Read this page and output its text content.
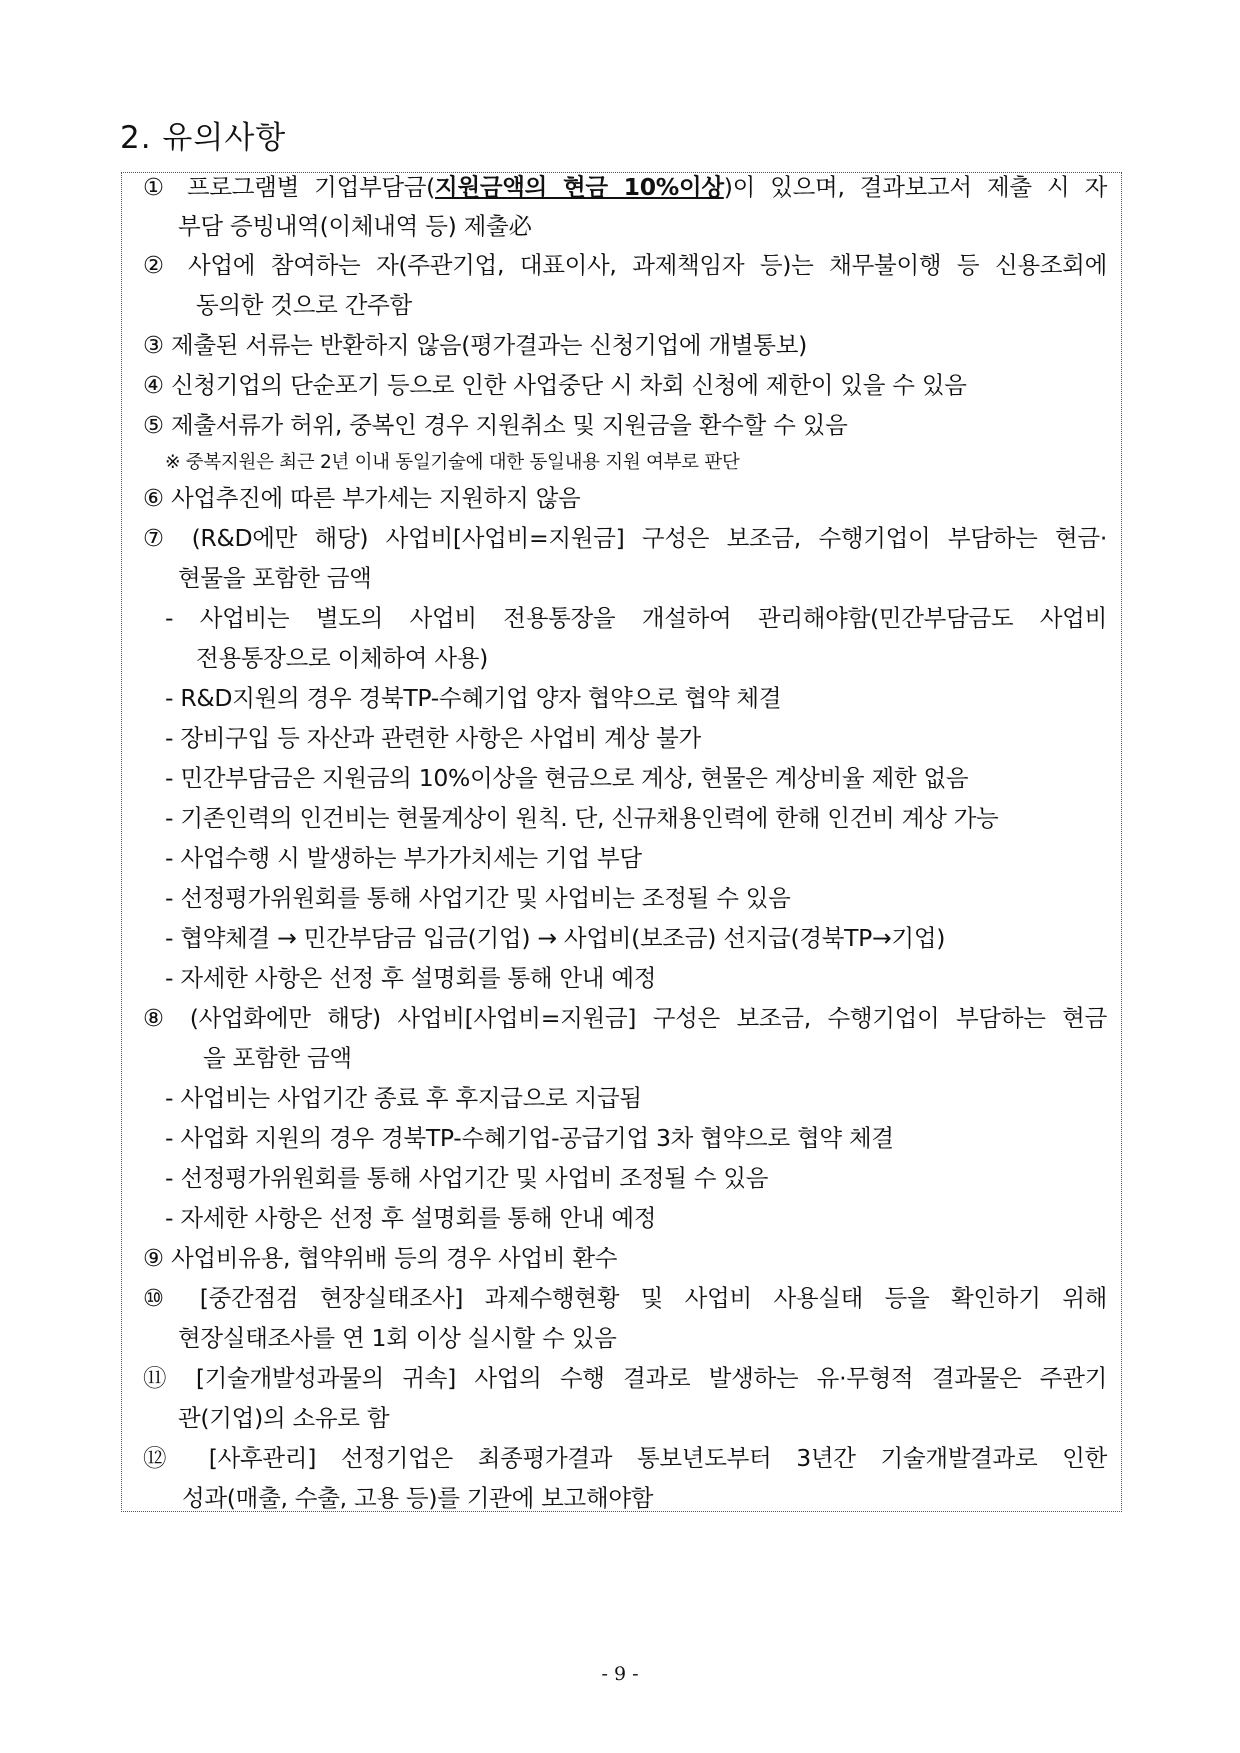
2. 유의사항
① 프로그램별 기업부담금(지원금액의 현금 10%이상)이 있으며, 결과보고서 제출 시 자
부담 증빙내역(이체내역 등) 제출必
② 사업에 참여하는 자(주관기업, 대표이사, 과제책임자 등)는 채무불이행 등 신용조회에
동의한 것으로 간주함
③ 제출된 서류는 반환하지 않음(평가결과는 신청기업에 개별통보)
④ 신청기업의 단순포기 등으로 인한 사업중단 시 차회 신청에 제한이 있을 수 있음
⑤ 제출서류가 허위, 중복인 경우 지원취소 및 지원금을 환수할 수 있음
※ 중복지원은 최근 2년 이내 동일기술에 대한 동일내용 지원 여부로 판단
⑥ 사업추진에 따른 부가세는 지원하지 않음
⑦ (R&D에만 해당) 사업비[사업비=지원금] 구성은 보조금, 수행기업이 부담하는 현금·
현물을 포함한 금액
- 사업비는 별도의 사업비 전용통장을 개설하여 관리해야함(민간부담금도 사업비
전용통장으로 이체하여 사용)
- R&D지원의 경우 경북TP-수혜기업 양자 협약으로 협약 체결
- 장비구입 등 자산과 관련한 사항은 사업비 계상 불가
- 민간부담금은 지원금의 10%이상을 현금으로 계상, 현물은 계상비율 제한 없음
- 기존인력의 인건비는 현물계상이 원칙. 단, 신규채용인력에 한해 인건비 계상 가능
- 사업수행 시 발생하는 부가가치세는 기업 부담
- 선정평가위원회를 통해 사업기간 및 사업비는 조정될 수 있음
- 협약체결 → 민간부담금 입금(기업) → 사업비(보조금) 선지급(경북TP→기업)
- 자세한 사항은 선정 후 설명회를 통해 안내 예정
⑧ (사업화에만 해당) 사업비[사업비=지원금] 구성은 보조금, 수행기업이 부담하는 현금
을 포함한 금액
- 사업비는 사업기간 종료 후 후지급으로 지급됨
- 사업화 지원의 경우 경북TP-수혜기업-공급기업 3차 협약으로 협약 체결
- 선정평가위원회를 통해 사업기간 및 사업비 조정될 수 있음
- 자세한 사항은 선정 후 설명회를 통해 안내 예정
⑨ 사업비유용, 협약위배 등의 경우 사업비 환수
⑩ [중간점검 현장실태조사] 과제수행현황 및 사업비 사용실태 등을 확인하기 위해
현장실태조사를 연 1회 이상 실시할 수 있음
⑪ [기술개발성과물의 귀속] 사업의 수행 결과로 발생하는 유·무형적 결과물은 주관기
관(기업)의 소유로 함
⑫ [사후관리] 선정기업은 최종평가결과 통보년도부터 3년간 기술개발결과로 인한
성과(매출, 수출, 고용 등)를 기관에 보고해야함
- 9 -
